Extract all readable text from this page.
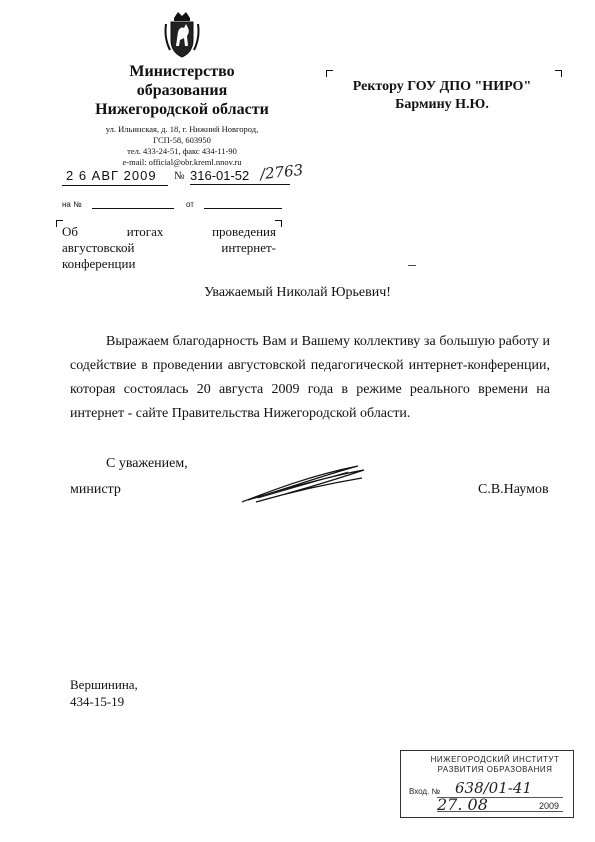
Министерство
образования
Нижегородской области
ул. Ильинская, д. 18, г. Нижний Новгород,
ГСП-58, 603950
тел. 433-24-51, факс 434-11-90
e-mail: official@obr.kreml.nnov.ru
2 6 АВГ 2009 № 316-01-52 /2763
на №	от
Об итогах проведения
августовской интернет-
конференции
Ректору ГОУ ДПО "НИРО"
Бармину Н.Ю.
Уважаемый Николай Юрьевич!
Выражаем благодарность Вам и Вашему коллективу за большую работу и содействие в проведении августовской педагогической интернет-конференции, которая состоялась 20 августа 2009 года в режиме реального времени на интернет - сайте Правительства Нижегородской области.
С уважением,
министр	С.В.Наумов
Вершинина,
434-15-19
НИЖЕГОРОДСКИЙ ИНСТИТУТ
РАЗВИТИЯ ОБРАЗОВАНИЯ
Вход. № 638/01-41
27. 08	2009
